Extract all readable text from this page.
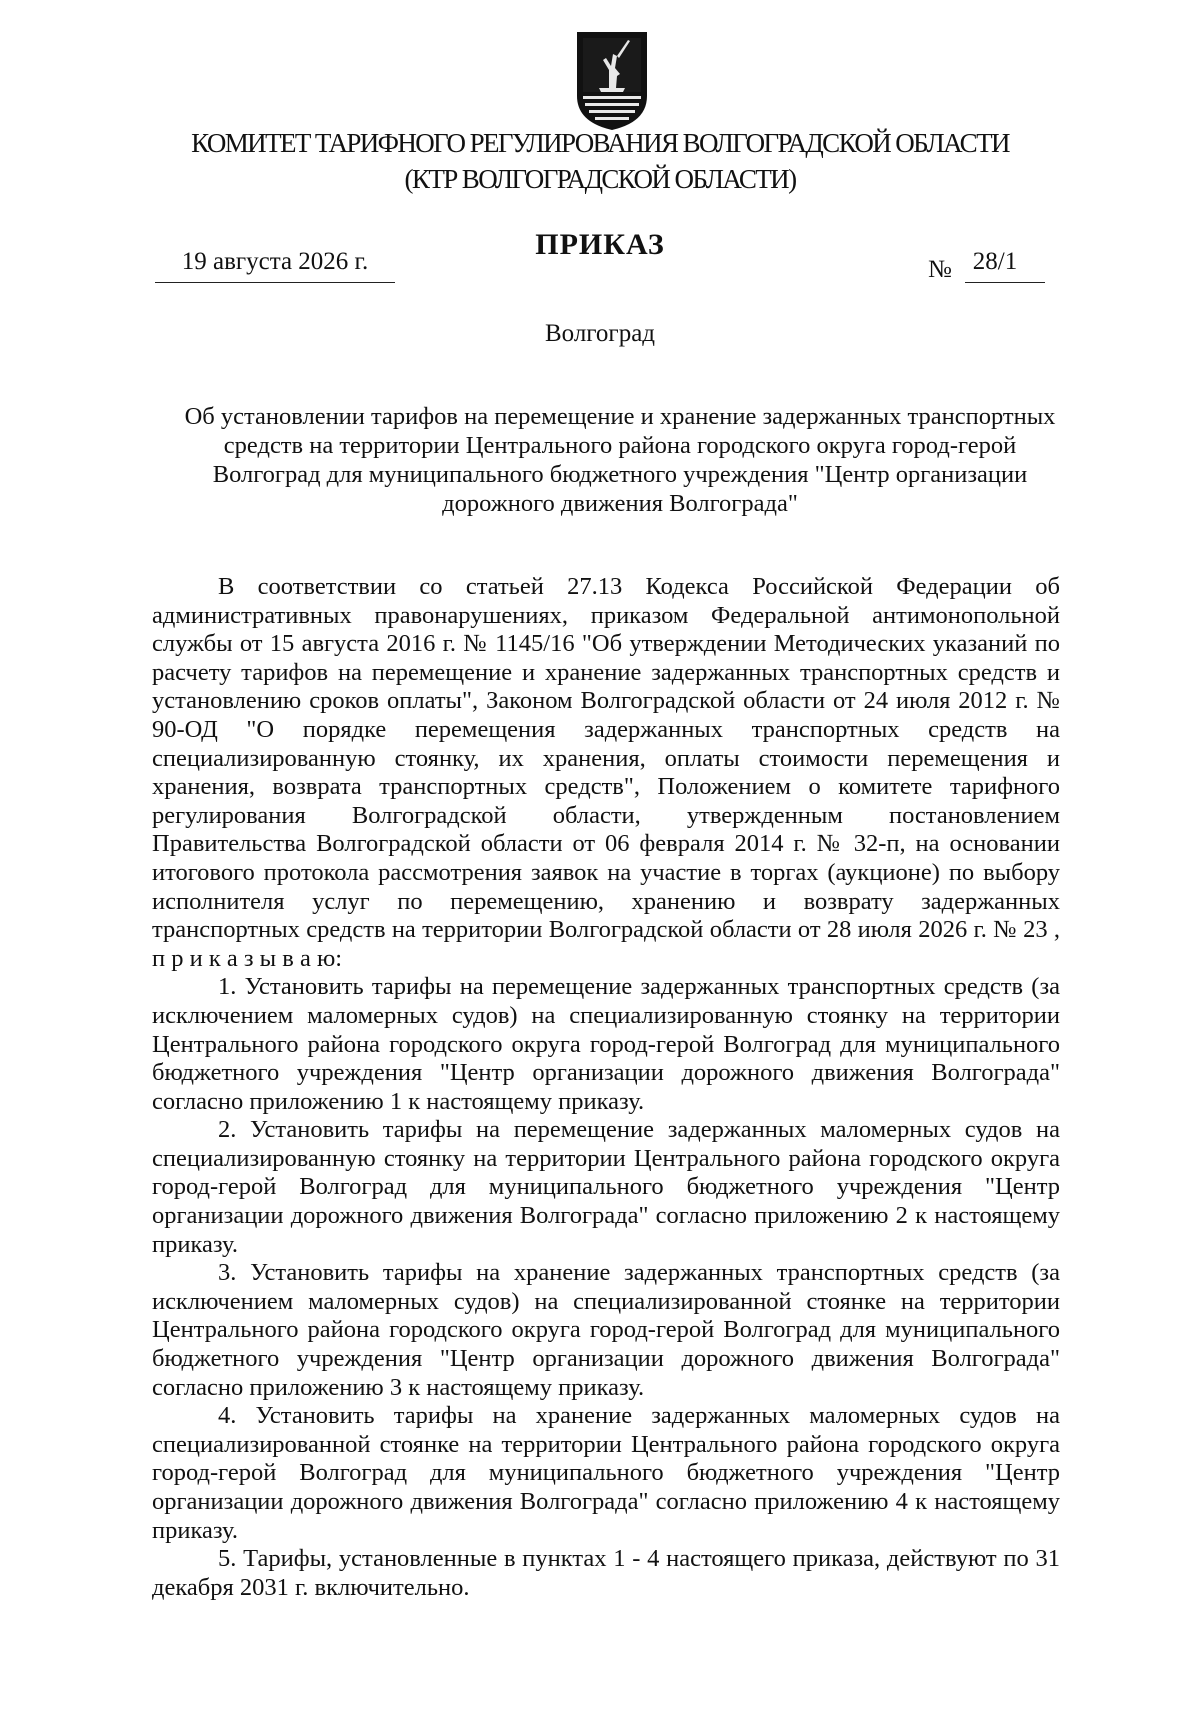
КОМИТЕТ ТАРИФНОГО РЕГУЛИРОВАНИЯ ВОЛГОГРАДСКОЙ ОБЛАСТИ
(КТР ВОЛГОГРАДСКОЙ ОБЛАСТИ)
ПРИКАЗ
19 августа 2026 г.	№ 28/1
Волгоград
Об установлении тарифов на перемещение и хранение задержанных транспортных средств на территории Центрального района городского округа город-герой Волгоград для муниципального бюджетного учреждения "Центр организации дорожного движения Волгограда"

В соответствии со статьей 27.13 Кодекса Российской Федерации об административных правонарушениях, приказом Федеральной антимонопольной службы от 15 августа 2016 г. № 1145/16 "Об утверждении Методических указаний по расчету тарифов на перемещение и хранение задержанных транспортных средств и установлению сроков оплаты", Законом Волгоградской области от 24 июля 2012 г. № 90-ОД "О порядке перемещения задержанных транспортных средств на специализированную стоянку, их хранения, оплаты стоимости перемещения и хранения, возврата транспортных средств", Положением о комитете тарифного регулирования Волгоградской области, утвержденным постановлением Правительства Волгоградской области от 06 февраля 2014 г. № 32-п, на основании итогового протокола рассмотрения заявок на участие в торгах (аукционе) по выбору исполнителя услуг по перемещению, хранению и возврату задержанных транспортных средств на территории Волгоградской области от 28 июля 2026 г. № 23 , п р и к а з ы в а ю:

1. Установить тарифы на перемещение задержанных транспортных средств (за исключением маломерных судов) на специализированную стоянку на территории Центрального района городского округа город-герой Волгоград для муниципального бюджетного учреждения "Центр организации дорожного движения Волгограда" согласно приложению 1 к настоящему приказу.

2. Установить тарифы на перемещение задержанных маломерных судов на специализированную стоянку на территории Центрального района городского округа город-герой Волгоград для муниципального бюджетного учреждения "Центр организации дорожного движения Волгограда" согласно приложению 2 к настоящему приказу.

3. Установить тарифы на хранение задержанных транспортных средств (за исключением маломерных судов) на специализированной стоянке на территории Центрального района городского округа город-герой Волгоград для муниципального бюджетного учреждения "Центр организации дорожного движения Волгограда" согласно приложению 3 к настоящему приказу.

4. Установить тарифы на хранение задержанных маломерных судов на специализированной стоянке на территории Центрального района городского округа город-герой Волгоград для муниципального бюджетного учреждения "Центр организации дорожного движения Волгограда" согласно приложению 4 к настоящему приказу.

5. Тарифы, установленные в пунктах 1 - 4 настоящего приказа, действуют по 31 декабря 2031 г. включительно.
